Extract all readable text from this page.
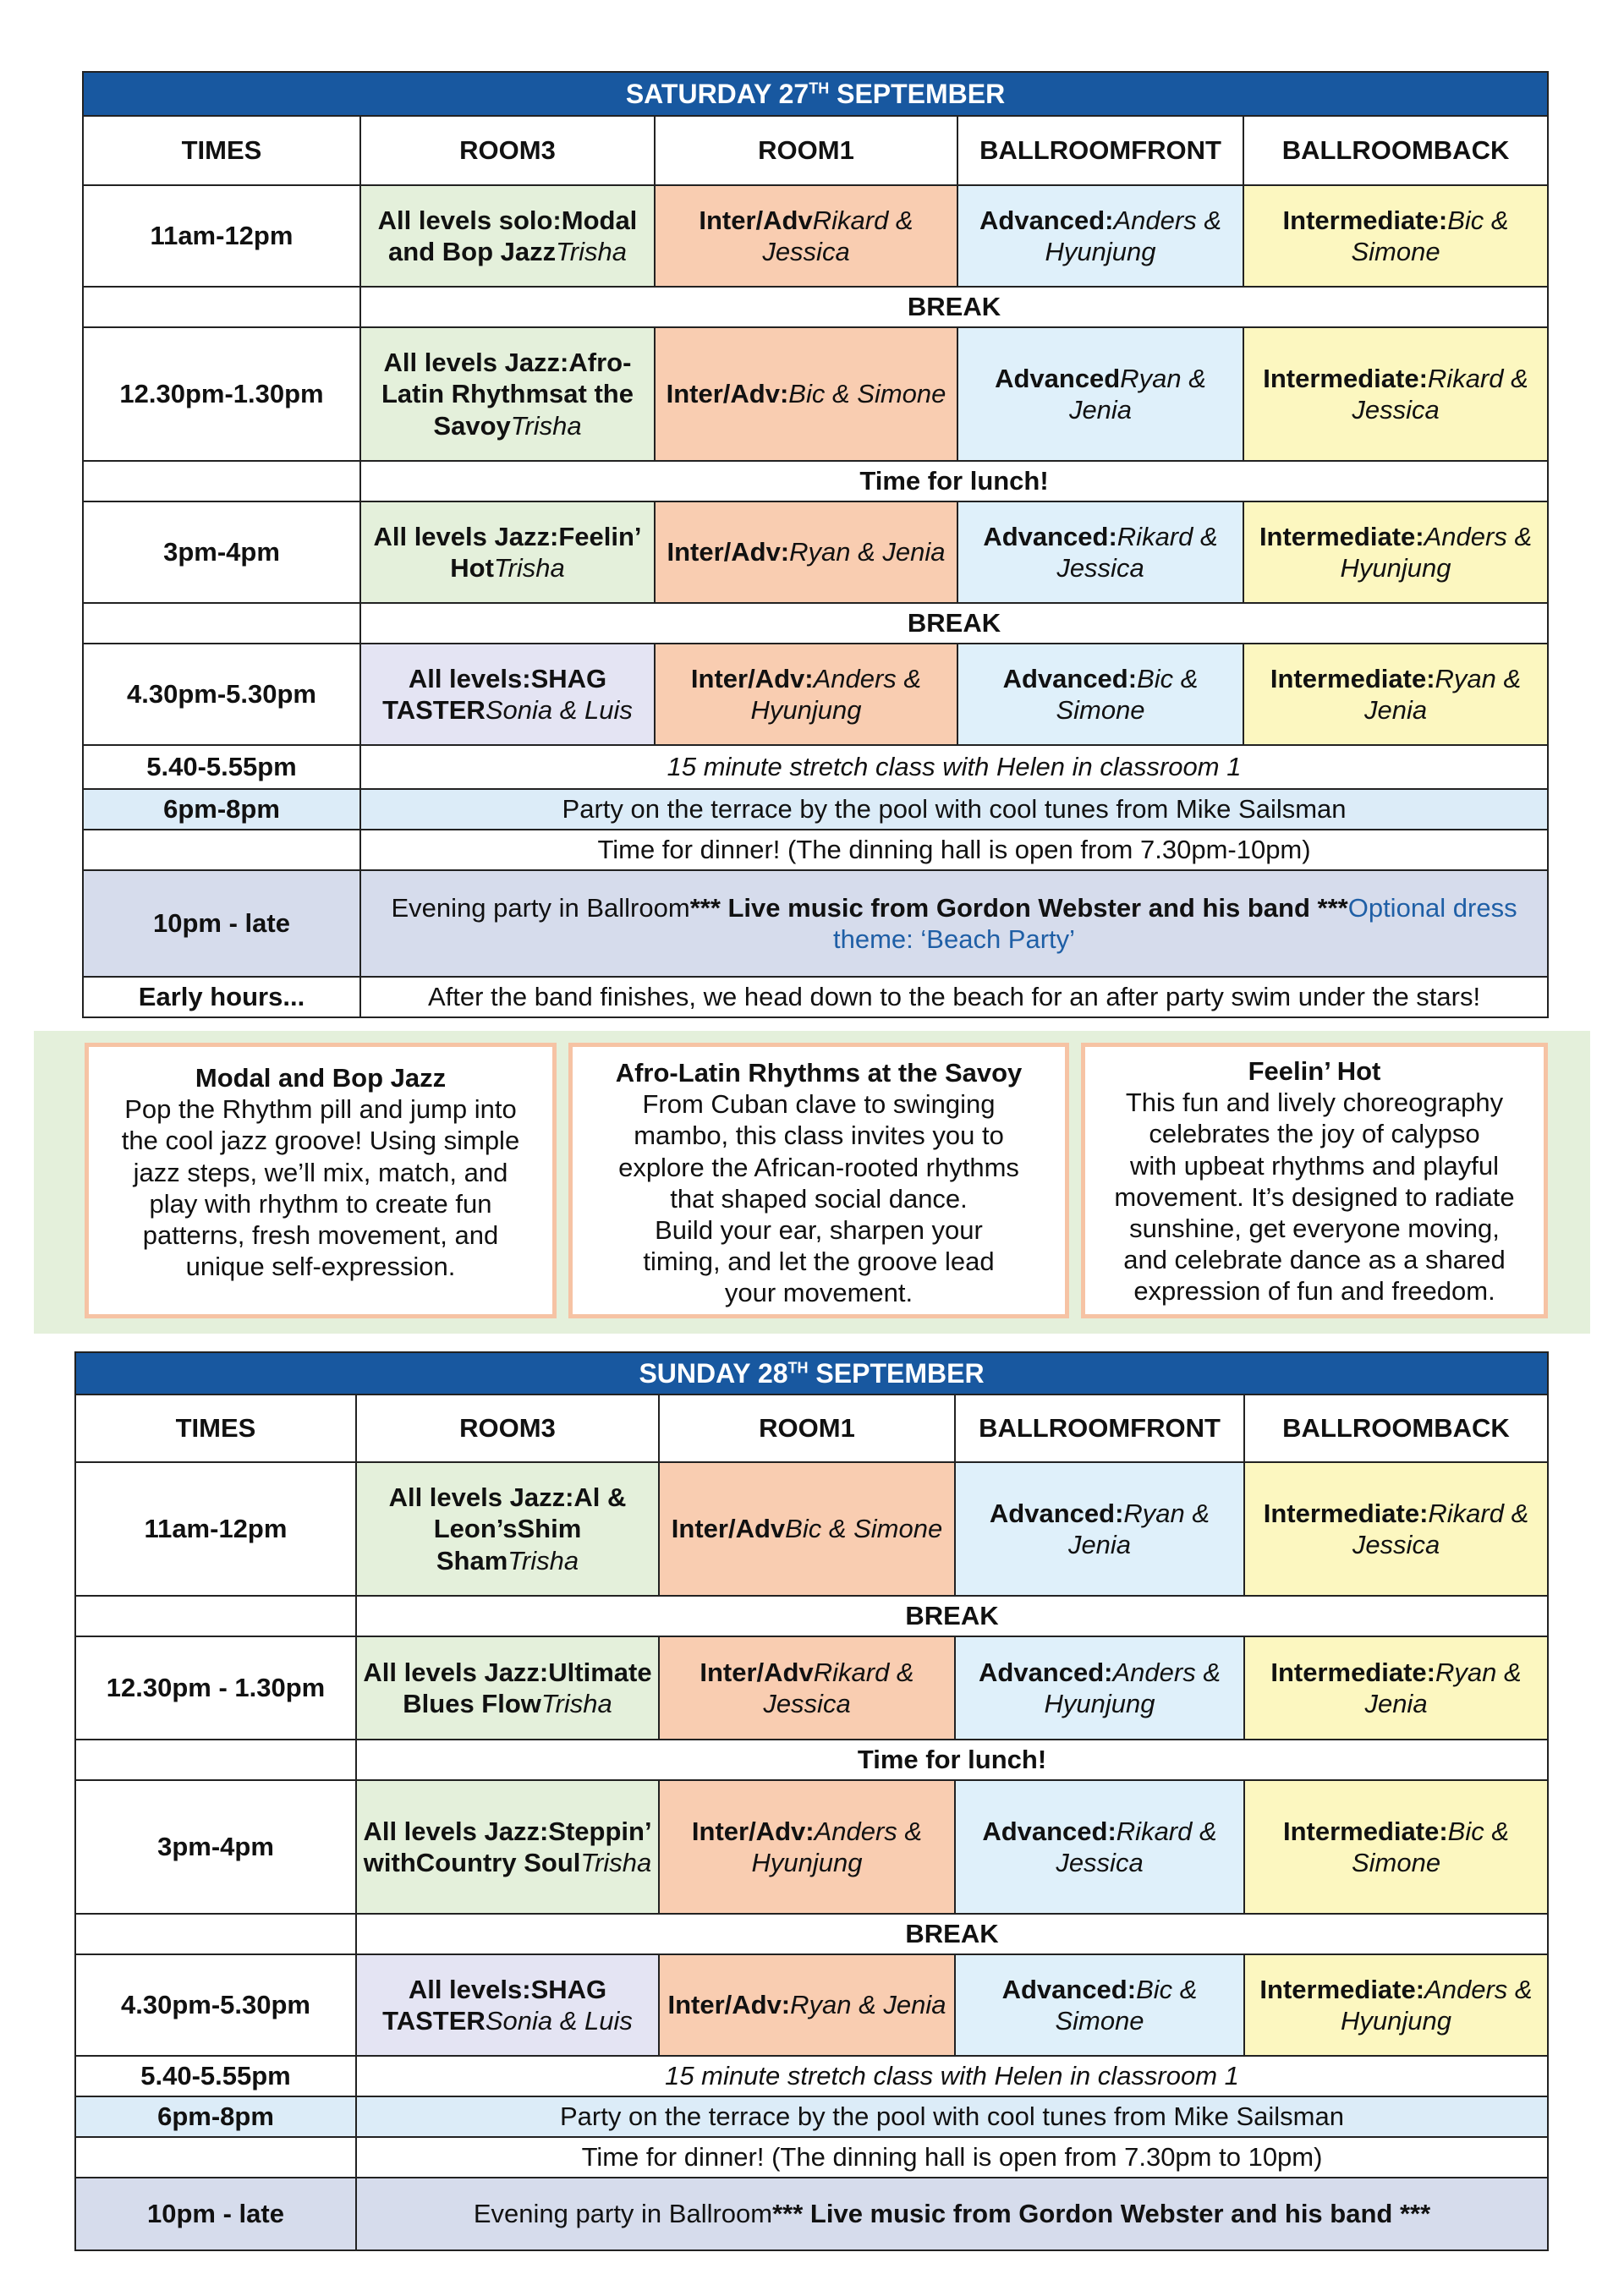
SATURDAY 27TH SEPTEMBER				
TIMES	ROOM3	ROOM1	BALLROOMFRONT	BALLROOMBACK
11am-12pm	All levels solo:Modal and Bop JazzTrisha	Inter/AdvRikard & Jessica	Advanced:Anders & Hyunjung	Intermediate:Bic & Simone
	BREAK			
12.30pm-1.30pm	All levels Jazz:Afro-Latin Rhythmsat the SavoyTrisha	Inter/Adv:Bic & Simone	AdvancedRyan & Jenia	Intermediate:Rikard & Jessica
	Time for lunch!			
3pm-4pm	All levels Jazz:Feelin’ HotTrisha	Inter/Adv:Ryan & Jenia	Advanced:Rikard & Jessica	Intermediate:Anders & Hyunjung
	BREAK			
4.30pm-5.30pm	All levels:SHAG TASTERSonia & Luis	Inter/Adv:Anders & Hyunjung	Advanced:Bic & Simone	Intermediate:Ryan & Jenia
5.40-5.55pm	15 minute stretch class with Helen in classroom 1			
6pm-8pm	Party on the terrace by the pool with cool tunes from Mike Sailsman			
	Time for dinner! (The dinning hall is open from 7.30pm-10pm)			
10pm - late	Evening party in Ballroom*** Live music from Gordon Webster and his band ***Optional dress theme: ‘Beach Party’			
Early hours...	After the band finishes, we head down to the beach for an after party swim under the stars!			
Modal and Bop Jazz
Pop the Rhythm pill and jump into
the cool jazz groove! Using simple
jazz steps, we’ll mix, match, and
play with rhythm to create fun
patterns, fresh movement, and
unique self-expression.
Afro-Latin Rhythms at the Savoy
From Cuban clave to swinging
mambo, this class invites you to
explore the African-rooted rhythms
that shaped social dance.
Build your ear, sharpen your
timing, and let the groove lead
your movement.
Feelin’ Hot
This fun and lively choreography
celebrates the joy of calypso
with upbeat rhythms and playful
movement. It’s designed to radiate
sunshine, get everyone moving,
and celebrate dance as a shared
expression of fun and freedom.
SUNDAY 28TH SEPTEMBER				
TIMES	ROOM3	ROOM1	BALLROOMFRONT	BALLROOMBACK
11am-12pm	All levels Jazz:Al & Leon’sShim ShamTrisha	Inter/AdvBic & Simone	Advanced:Ryan & Jenia	Intermediate:Rikard & Jessica
	BREAK			
12.30pm - 1.30pm	All levels Jazz:Ultimate Blues FlowTrisha	Inter/AdvRikard & Jessica	Advanced:Anders & Hyunjung	Intermediate:Ryan & Jenia
	Time for lunch!			
3pm-4pm	All levels Jazz:Steppin’ withCountry SoulTrisha	Inter/Adv:Anders & Hyunjung	Advanced:Rikard & Jessica	Intermediate:Bic & Simone
	BREAK			
4.30pm-5.30pm	All levels:SHAG TASTERSonia & Luis	Inter/Adv:Ryan & Jenia	Advanced:Bic & Simone	Intermediate:Anders & Hyunjung
5.40-5.55pm	15 minute stretch class with Helen in classroom 1			
6pm-8pm	Party on the terrace by the pool with cool tunes from Mike Sailsman			
	Time for dinner! (The dinning hall is open from 7.30pm to 10pm)			
10pm - late	Evening party in Ballroom*** Live music from Gordon Webster and his band ***			
